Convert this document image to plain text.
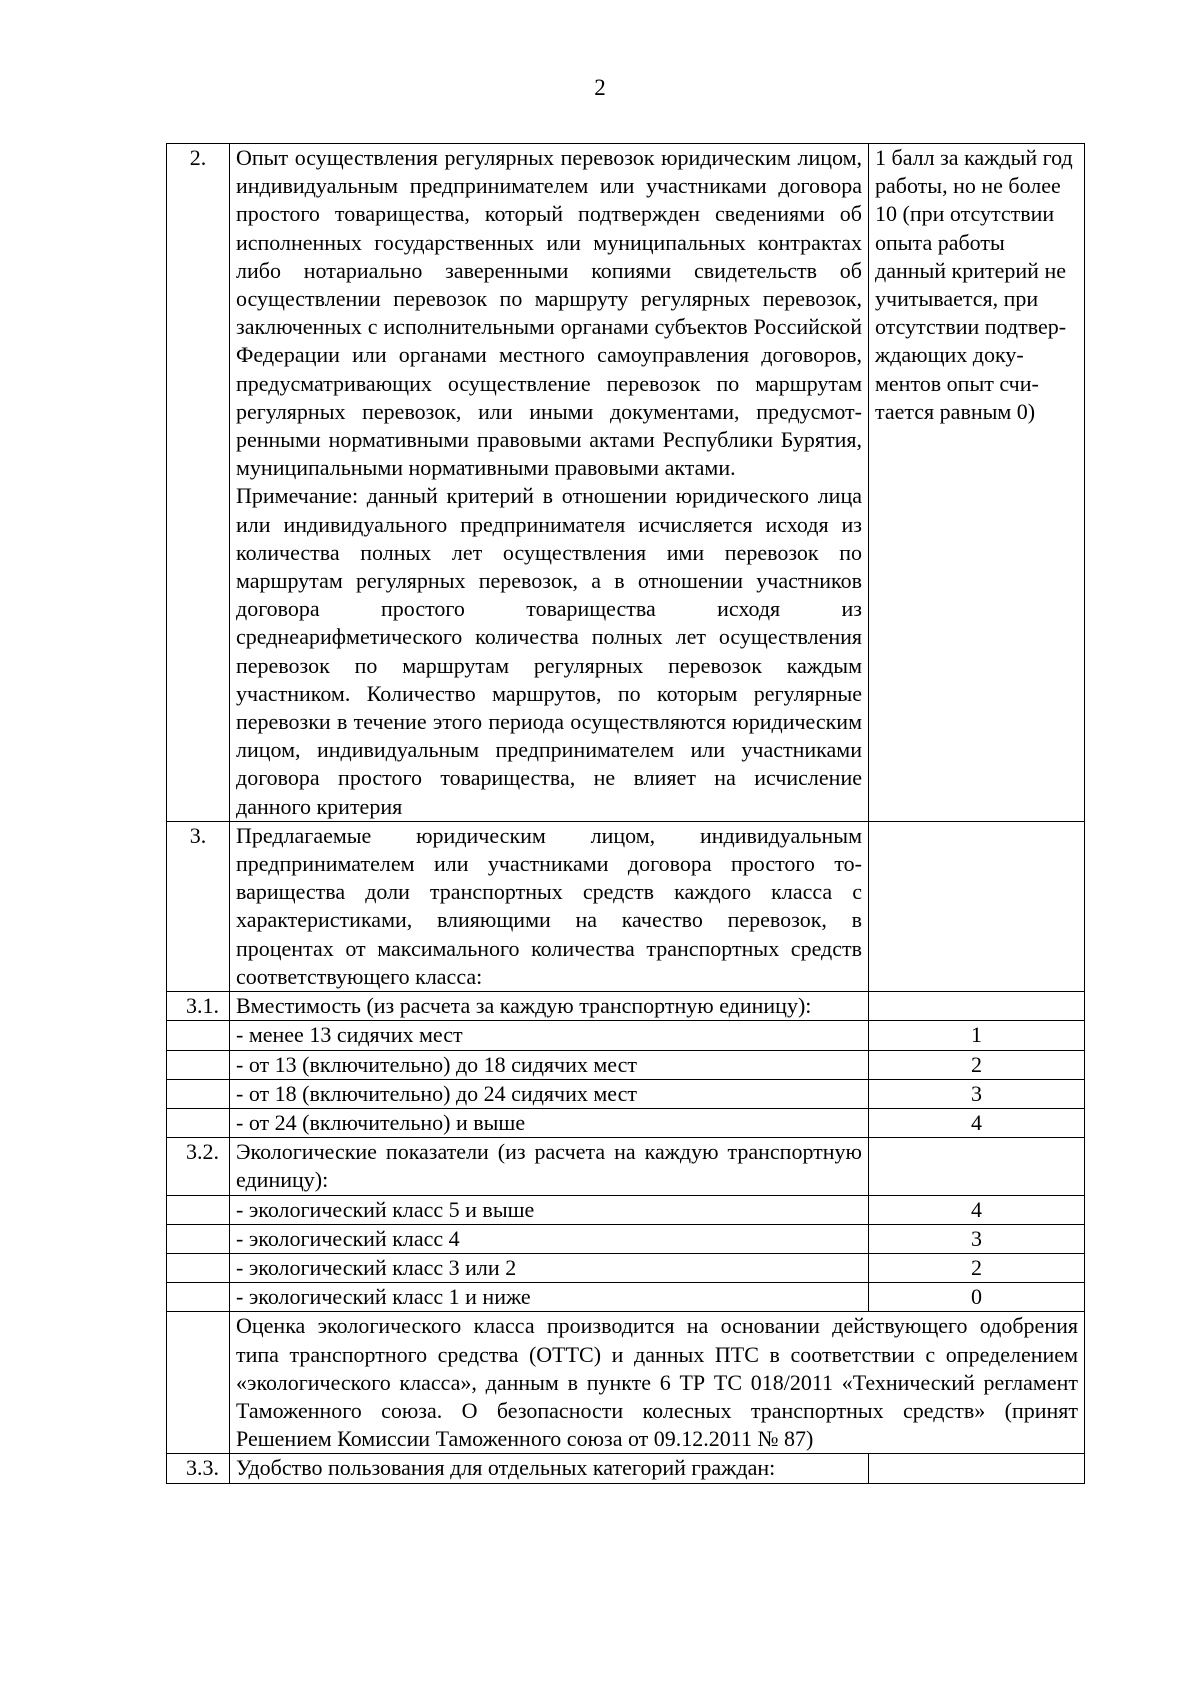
2
2.	Опыт осуществления регулярных перевозок юридическим лицом, индивидуальным предпринимателем или участниками договора простого товарищества, который подтвержден сведениями об исполненных государственных или муниципальных контрактах либо нотариально заверенными копиями свидетельств об осуществлении перевозок по маршруту регулярных перевозок, заключенных с исполнительными органами субъектов Российской Федерации или органами местного самоуправления договоров, предусматривающих осуществление перевозок по маршрутам регулярных перевозок, или иными документами, предусмотренными нормативными правовыми актами Республики Бурятия, муниципальными нормативными правовыми актами.
Примечание: данный критерий в отношении юридического лица или индивидуального предпринимателя исчисляется исходя из количества полных лет осуществления ими перевозок по маршрутам регулярных перевозок, а в отношении участников договора простого товарищества исходя из среднеарифметического количества полных лет осуществления перевозок по маршрутам регулярных перевозок каждым участником. Количество маршрутов, по которым регулярные перевозки в течение этого периода осуществляются юридическим лицом, индивидуальным предпринимателем или участниками договора простого товарищества, не влияет на исчисление данного критерия	1 балл за каждый год работы, но не более 10 (при отсутствии опыта работы данный критерий не учитывается, при отсутствии подтверждающих документов опыт считается равным 0)
3.	Предлагаемые юридическим лицом, индивидуальным предпринимателем или участниками договора простого товарищества доли транспортных средств каждого класса с характеристиками, влияющими на качество перевозок, в процентах от максимального количества транспортных средств соответствующего класса:	
3.1.	Вместимость (из расчета за каждую транспортную единицу):	
	- менее 13 сидячих мест	1
	- от 13 (включительно) до 18 сидячих мест	2
	- от 18 (включительно) до 24 сидячих мест	3
	- от 24 (включительно) и выше	4
3.2.	Экологические показатели (из расчета на каждую транспортную единицу):	
	- экологический класс 5 и выше	4
	- экологический класс 4	3
	- экологический класс 3 или 2	2
	- экологический класс 1 и ниже	0
	Оценка экологического класса производится на основании действующего одобрения типа транспортного средства (ОТТС) и данных ПТС в соответствии с определением «экологического класса», данным в пункте 6 ТР ТС 018/2011 «Технический регламент Таможенного союза. О безопасности колесных транспортных средств» (принят Решением Комиссии Таможенного союза от 09.12.2011 № 87)	
3.3.	Удобство пользования для отдельных категорий граждан:	
